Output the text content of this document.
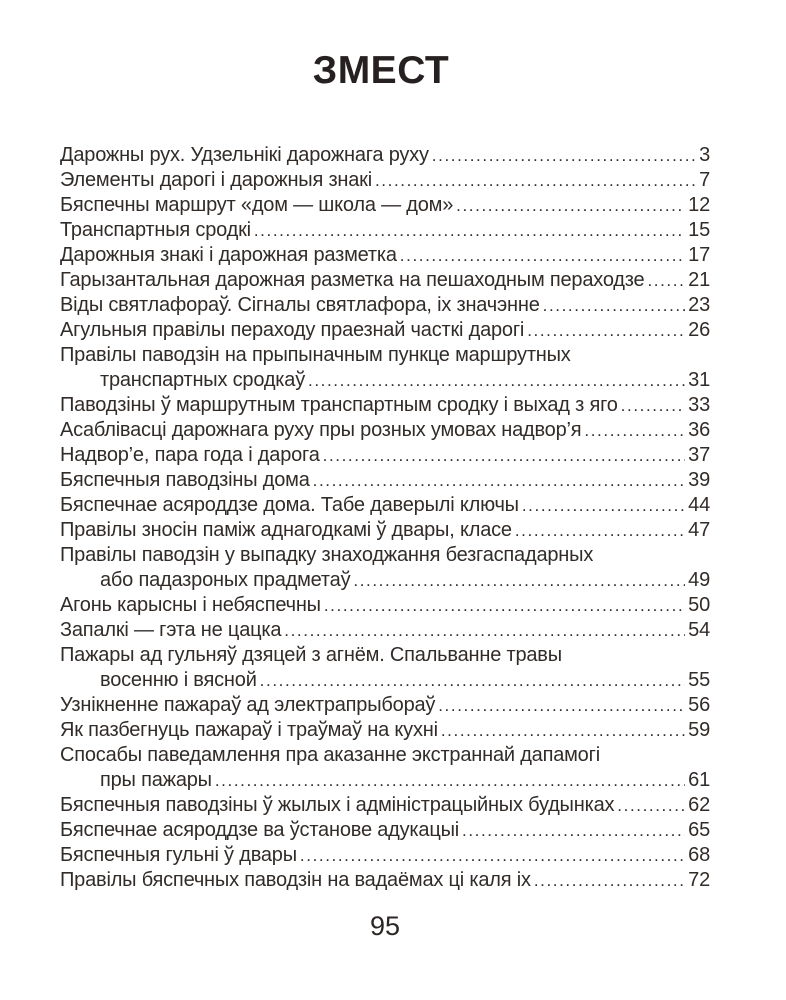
ЗМЕСТ
Дарожны рух. Удзельнікі дарожнага руху .....	3
Элементы дарогі і дарожныя знакі .....	7
Бяспечны маршрут «дом — школа — дом» .....	12
Транспартныя сродкі .....	15
Дарожныя знакі і дарожная разметка .....	17
Гарызантальная дарожная разметка на пешаходным пераходзе ..... 21
Віды святлафораў. Сігналы святлафора, іх значэнне .....	23
Агульныя правілы пераходу праезнай часткі дарогі .....	26
Правілы паводзін на прыпыначным пункце маршрутных
транспартных сродкаў .....	31
Паводзіны ў маршрутным транспартным сродку і выхад з яго .....	33
Асаблівасці дарожнага руху пры розных умовах надвор’я .....	36
Надвор’е, пара года і дарога .....	37
Бяспечныя паводзіны дома .....	39
Бяспечнае асяроддзе дома. Табе даверылі ключы .....	44
Правілы зносін паміж аднагодкамі ў двары, класе .....	47
Правілы паводзін у выпадку знаходжання безгаспадарных
або падазроных прадметаў .....	49
Агонь карысны і небяспечны .....	50
Запалкі — гэта не цацка .....	54
Пажары ад гульняў дзяцей з агнём. Спальванне травы
восенню і вясной .....	55
Узнікненне пажараў ад электрапрыбораў .....	56
Як пазбегнуць пажараў і траўмаў на кухні .....	59
Спосабы паведамлення пра аказанне экстраннай дапамогі
пры пажары .....	61
Бяспечныя паводзіны ў жылых і адміністрацыйных будынках .....	62
Бяспечнае асяроддзе ва ўстанове адукацыі .....	65
Бяспечныя гульні ў двары .....	68
Правілы бяспечных паводзін на вадаёмах ці каля іх .....	72
95
